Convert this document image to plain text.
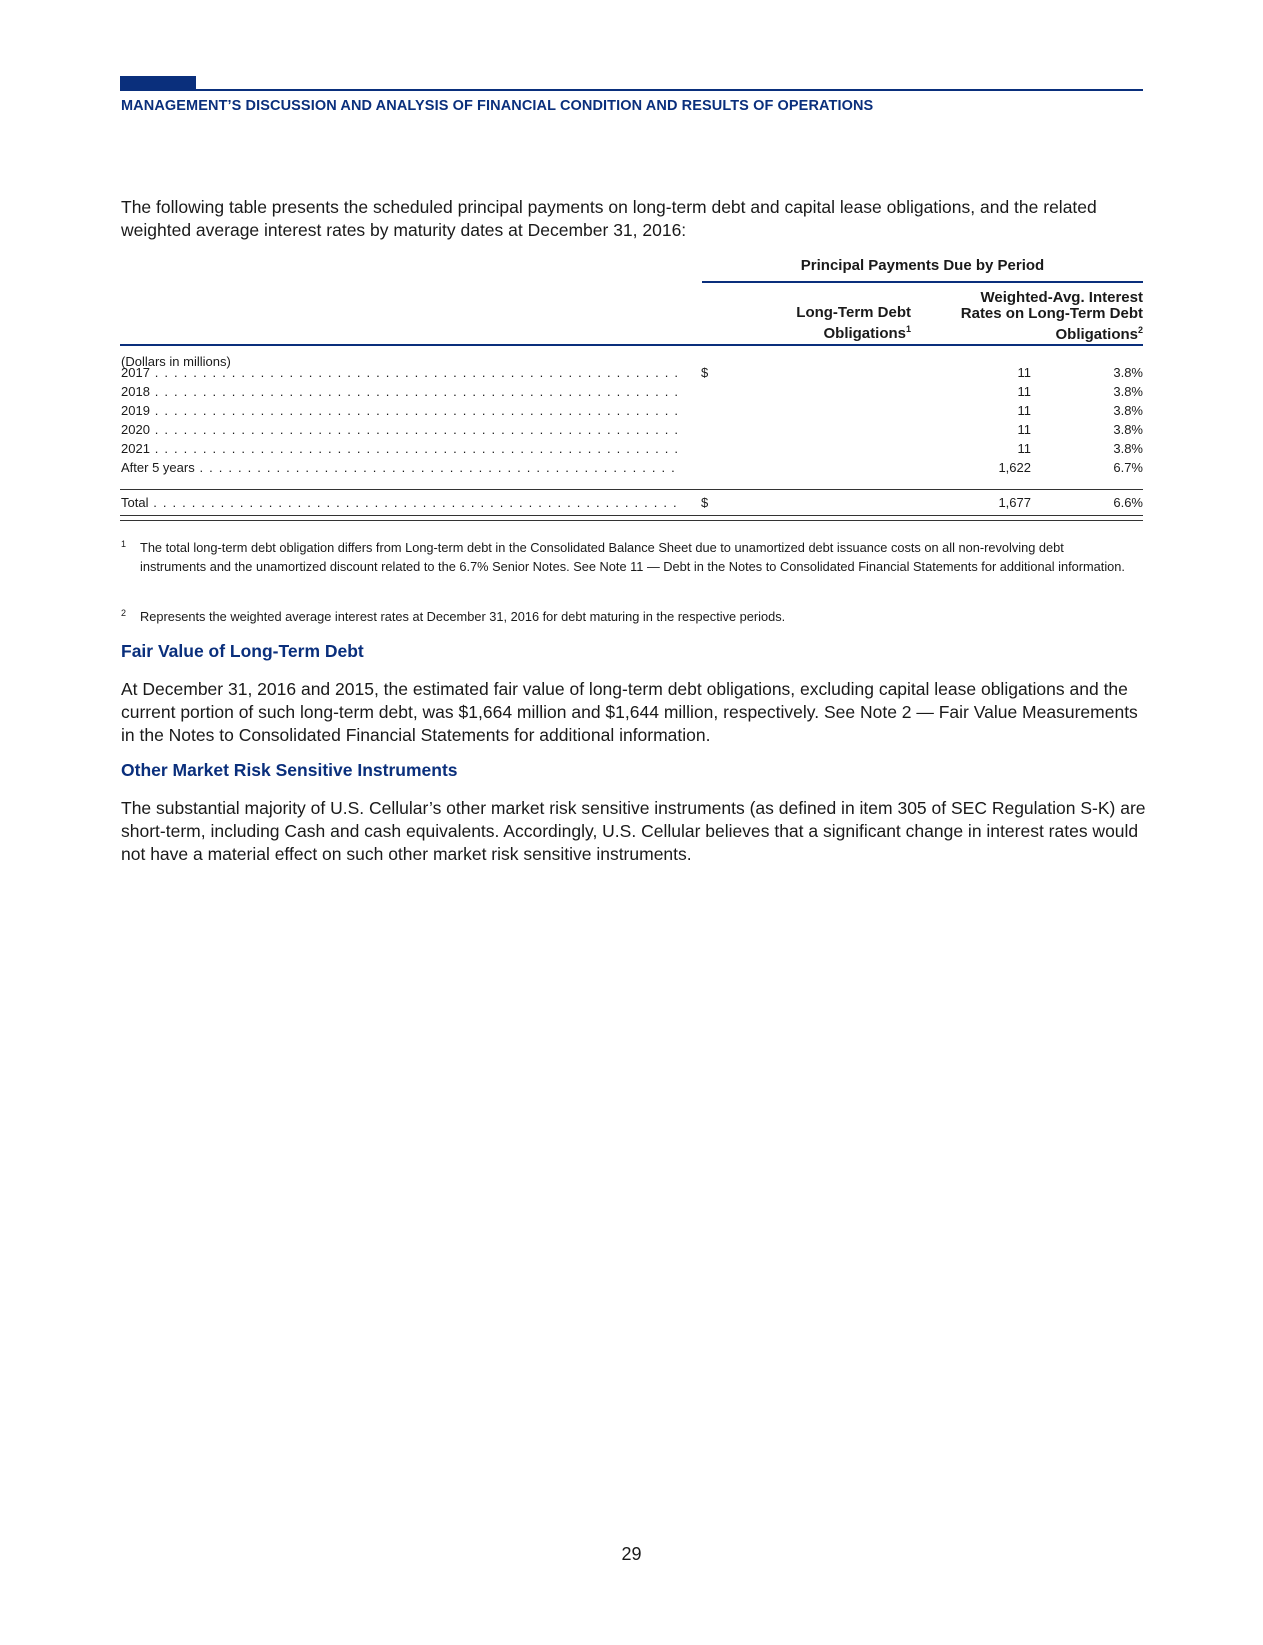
MANAGEMENT’S DISCUSSION AND ANALYSIS OF FINANCIAL CONDITION AND RESULTS OF OPERATIONS
The following table presents the scheduled principal payments on long-term debt and capital lease obligations, and the related weighted average interest rates by maturity dates at December 31, 2016:
Principal Payments Due by Period
Long-Term Debt
Obligations$^1$
Weighted-Avg. Interest
Rates on Long-Term Debt
Obligations$^2$
(Dollars in millions)
2017 . . .	$	11	3.8%
2018 . . .	11	3.8%
2019 . . .	11	3.8%
2020 . . .	11	3.8%
2021 . . .	11	3.8%
After 5 years . . .	1,622	6.7%
Total . . .	$	1,677	6.6%
1 The total long-term debt obligation differs from Long-term debt in the Consolidated Balance Sheet due to unamortized debt issuance costs on all non-revolving debt instruments and the unamortized discount related to the 6.7% Senior Notes. See Note 11 — Debt in the Notes to Consolidated Financial Statements for additional information.
2 Represents the weighted average interest rates at December 31, 2016 for debt maturing in the respective periods.
Fair Value of Long-Term Debt
At December 31, 2016 and 2015, the estimated fair value of long-term debt obligations, excluding capital lease obligations and the current portion of such long-term debt, was $1,664 million and $1,644 million, respectively. See Note 2 — Fair Value Measurements in the Notes to Consolidated Financial Statements for additional information.
Other Market Risk Sensitive Instruments
The substantial majority of U.S. Cellular’s other market risk sensitive instruments (as defined in item 305 of SEC Regulation S-K) are short-term, including Cash and cash equivalents. Accordingly, U.S. Cellular believes that a significant change in interest rates would not have a material effect on such other market risk sensitive instruments.
29
